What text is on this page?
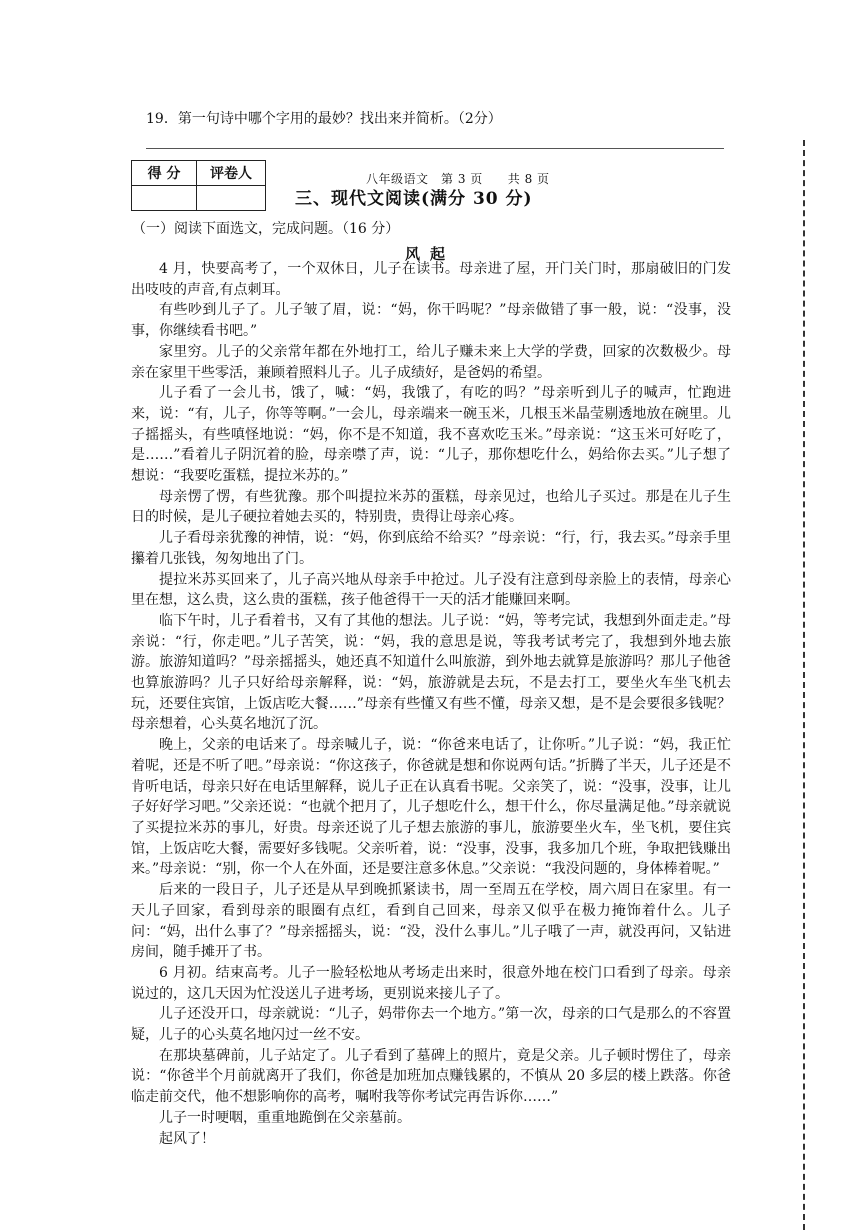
19．第一句诗中哪个字用的最妙？找出来并简析。（2分）
得 分	评卷人

三、现代文阅读(满分 30 分)
八年级语文　第 3 页　　共 8 页
（一）阅读下面选文，完成问题。（16 分）
风起

4 月，快要高考了，一个双休日，儿子在读书。母亲进了屋，开门关门时，那扇破旧的门发出吱吱的声音,有点刺耳。

有些吵到儿子了。儿子皱了眉，说：“妈，你干吗呢？”母亲做错了事一般，说：“没事，没事，你继续看书吧。”

家里穷。儿子的父亲常年都在外地打工，给儿子赚未来上大学的学费，回家的次数极少。母亲在家里干些零活，兼顾着照料儿子。儿子成绩好，是爸妈的希望。

儿子看了一会儿书，饿了，喊：“妈，我饿了，有吃的吗？”母亲听到儿子的喊声，忙跑进来，说：“有，儿子，你等等啊。”一会儿，母亲端来一碗玉米，几根玉米晶莹剔透地放在碗里。儿子摇摇头，有些嗔怪地说：“妈，你不是不知道，我不喜欢吃玉米。”母亲说：“这玉米可好吃了，是……”看着儿子阴沉着的脸，母亲噤了声，说：“儿子，那你想吃什么，妈给你去买。”儿子想了想说：“我要吃蛋糕，提拉米苏的。”

母亲愣了愣，有些犹豫。那个叫提拉米苏的蛋糕，母亲见过，也给儿子买过。那是在儿子生日的时候，是儿子硬拉着她去买的，特别贵，贵得让母亲心疼。

儿子看母亲犹豫的神情，说：“妈，你到底给不给买？”母亲说：“行，行，我去买。”母亲手里攥着几张钱，匆匆地出了门。

提拉米苏买回来了，儿子高兴地从母亲手中抢过。儿子没有注意到母亲脸上的表情，母亲心里在想，这么贵，这么贵的蛋糕，孩子他爸得干一天的活才能赚回来啊。

临下午时，儿子看着书，又有了其他的想法。儿子说：“妈，等考完试，我想到外面走走。”母亲说：“行，你走吧。”儿子苦笑，说：“妈，我的意思是说，等我考试考完了，我想到外地去旅游。旅游知道吗？”母亲摇摇头，她还真不知道什么叫旅游，到外地去就算是旅游吗？那儿子他爸也算旅游吗？儿子只好给母亲解释，说：“妈，旅游就是去玩，不是去打工，要坐火车坐飞机去玩，还要住宾馆，上饭店吃大餐……”母亲有些懂又有些不懂，母亲又想，是不是会要很多钱呢？母亲想着，心头莫名地沉了沉。

晚上，父亲的电话来了。母亲喊儿子，说：“你爸来电话了，让你听。”儿子说：“妈，我正忙着呢，还是不听了吧。”母亲说：“你这孩子，你爸就是想和你说两句话。”折腾了半天，儿子还是不肯听电话，母亲只好在电话里解释，说儿子正在认真看书呢。父亲笑了，说：“没事，没事，让儿子好好学习吧。”父亲还说：“也就个把月了，儿子想吃什么，想干什么，你尽量满足他。”母亲就说了买提拉米苏的事儿，好贵。母亲还说了儿子想去旅游的事儿，旅游要坐火车，坐飞机，要住宾馆，上饭店吃大餐，需要好多钱呢。父亲听着，说：“没事，没事，我多加几个班，争取把钱赚出来。”母亲说：“别，你一个人在外面，还是要注意多休息。”父亲说：“我没问题的，身体棒着呢。”

后来的一段日子，儿子还是从早到晚抓紧读书，周一至周五在学校，周六周日在家里。有一天儿子回家，看到母亲的眼圈有点红，看到自己回来，母亲又似乎在极力掩饰着什么。儿子问：“妈，出什么事了？”母亲摇摇头，说：“没，没什么事儿。”儿子哦了一声，就没再问，又钻进房间，随手摊开了书。

6 月初。结束高考。儿子一脸轻松地从考场走出来时，很意外地在校门口看到了母亲。母亲说过的，这几天因为忙没送儿子进考场，更别说来接儿子了。

儿子还没开口，母亲就说：“儿子，妈带你去一个地方。”第一次，母亲的口气是那么的不容置疑，儿子的心头莫名地闪过一丝不安。

在那块墓碑前，儿子站定了。儿子看到了墓碑上的照片，竟是父亲。儿子顿时愣住了，母亲说：“你爸半个月前就离开了我们，你爸是加班加点赚钱累的，不慎从 20 多层的楼上跌落。你爸临走前交代，他不想影响你的高考，嘱咐我等你考试完再告诉你……”

儿子一时哽咽，重重地跪倒在父亲墓前。

起风了！
